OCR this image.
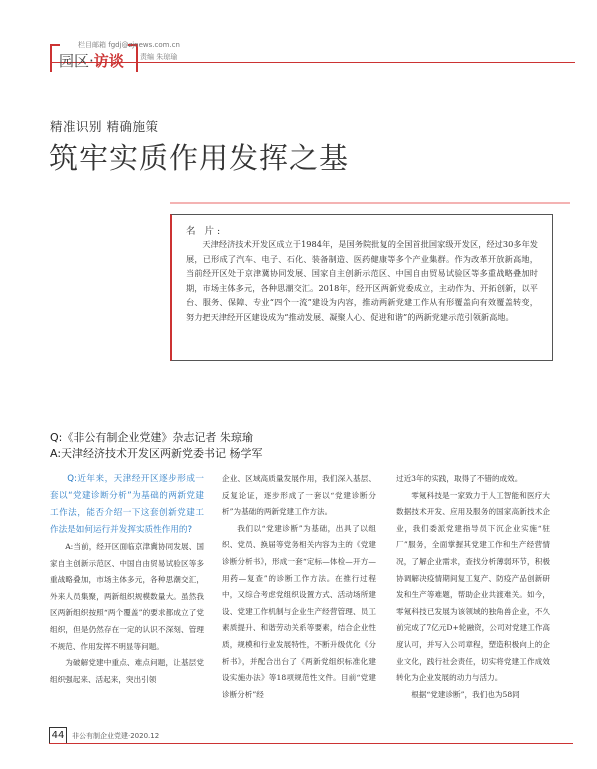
园区·访谈
栏目邮箱 fgdj@zjnews.com.cn
责编 朱琼瑜
精准识别 精确施策
筑牢实质作用发挥之基
名 片:
天津经济技术开发区成立于1984年，是国务院批复的全国首批国家级开发区，经过30多年发展，已形成了汽车、电子、石化、装备制造、医药健康等多个产业集群。作为改革开放新高地，当前经开区处于京津冀协同发展、国家自主创新示范区、中国自由贸易试验区等多重战略叠加时期，市场主体多元，各种思潮交汇。2018年，经开区两新党委成立，主动作为、开拓创新，以平台、服务、保障、专业“四个一流”建设为内容，推动两新党建工作从有形覆盖向有效覆盖转变，努力把天津经开区建设成为“推动发展、凝聚人心、促进和谐”的两新党建示范引领新高地。
Q:《非公有制企业党建》杂志记者 朱琼瑜
A:天津经济技术开发区两新党委书记 杨学军

Q:近年来，天津经开区逐步形成一套以“党建诊断分析”为基础的两新党建工作法，能否介绍一下这套创新党建工作法是如何运行并发挥实质性作用的?

A:当前，经开区面临京津冀协同发展、国家自主创新示范区、中国自由贸易试验区等多重战略叠加，市场主体多元，各种思潮交汇，外来人员集聚，两新组织规模数量大。虽然我区两新组织按照“两个覆盖”的要求都成立了党组织，但是仍然存在一定的认识不深刻、管理不规范、作用发挥不明显等问题。

为破解党建中重点、难点问题，让基层党组织强起来、活起来，突出引领

企业、区域高质量发展作用，我们深入基层、反复论证，逐步形成了一套以“党建诊断分析”为基础的两新党建工作方法。

我们以“党建诊断”为基础，出具了以组织、党员、换届等党务相关内容为主的《党建诊断分析书》，形成一套“定标—体检—开方—用药—复查”的诊断工作方法。在推行过程中，又综合考虑党组织设置方式、活动场所建设、党建工作机制与企业生产经营管理、员工素质提升、和谐劳动关系等要素，结合企业性质，规模和行业发展特性，不断升级优化《分析书》，并配合出台了《两新党组织标准化建设实施办法》等18项规范性文件。目前“党建诊断分析”经

过近3年的实践，取得了不错的成效。

零氪科技是一家致力于人工智能和医疗大数据技术开发、应用及服务的国家高新技术企业，我们委派党建指导员下沉企业实施“驻厂”服务，全面掌握其党建工作和生产经营情况，了解企业需求，查找分析薄弱环节，积极协调解决疫情期间复工复产、防疫产品创新研发和生产等难题，帮助企业共渡难关。如今，零氪科技已发展为该领域的独角兽企业，不久前完成了7亿元D+轮融资，公司对党建工作高度认可，并写入公司章程，塑造积极向上的企业文化，践行社会责任，切实将党建工作成效转化为企业发展的动力与活力。

根据“党建诊断”，我们也为58同

44	非公有制企业党建·2020.12
